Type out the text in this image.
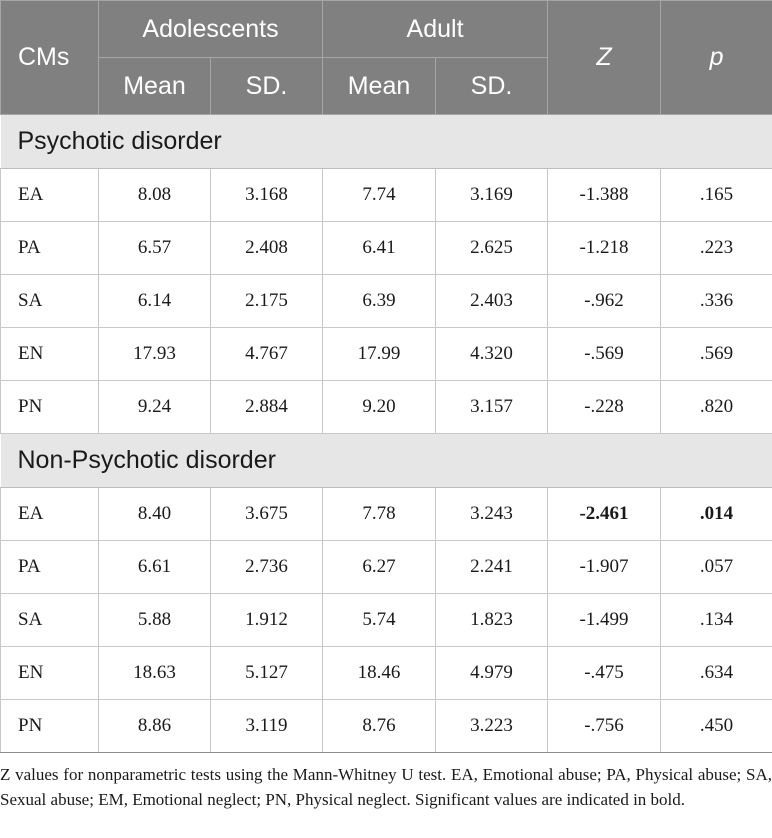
CMs	Adolescents		Adult		Z	p
	Mean	SD.	Mean	SD.		
Psychotic disorder						
EA	8.08	3.168	7.74	3.169	-1.388	.165
PA	6.57	2.408	6.41	2.625	-1.218	.223
SA	6.14	2.175	6.39	2.403	-.962	.336
EN	17.93	4.767	17.99	4.320	-.569	.569
PN	9.24	2.884	9.20	3.157	-.228	.820
Non-Psychotic disorder						
EA	8.40	3.675	7.78	3.243	-2.461	.014
PA	6.61	2.736	6.27	2.241	-1.907	.057
SA	5.88	1.912	5.74	1.823	-1.499	.134
EN	18.63	5.127	18.46	4.979	-.475	.634
PN	8.86	3.119	8.76	3.223	-.756	.450

Z values for nonparametric tests using the Mann-Whitney U test. EA, Emotional abuse; PA, Physical abuse; SA, Sexual abuse; EM, Emotional neglect; PN, Physical neglect. Significant values are indicated in bold.
